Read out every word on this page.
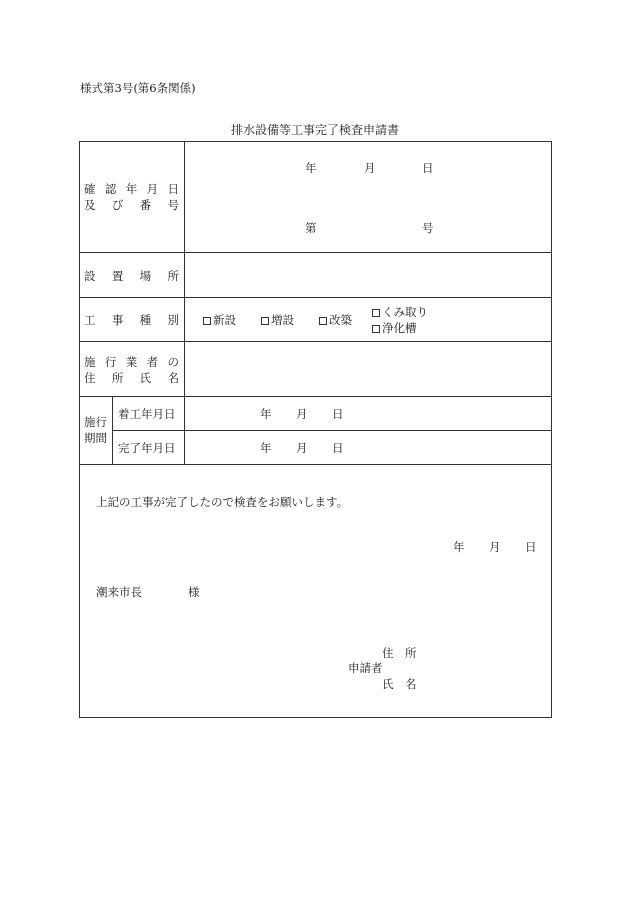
様式第3号(第6条関係)
排水設備等工事完了検査申請書
確 認 年 月 日
及 び 番 号
年	月	日
第	号
設 置 場 所
工 事 種 別	新設	増設	改築
くみ取り
浄化槽
施 行 業 者 の
住 所 氏 名
施行
期間
着工年月日	年 月 日
完了年月日	年 月 日
上記の工事が完了したので検査をお願いします。
年 月 日
潮来市長	様
住　所
申請者
氏　名
